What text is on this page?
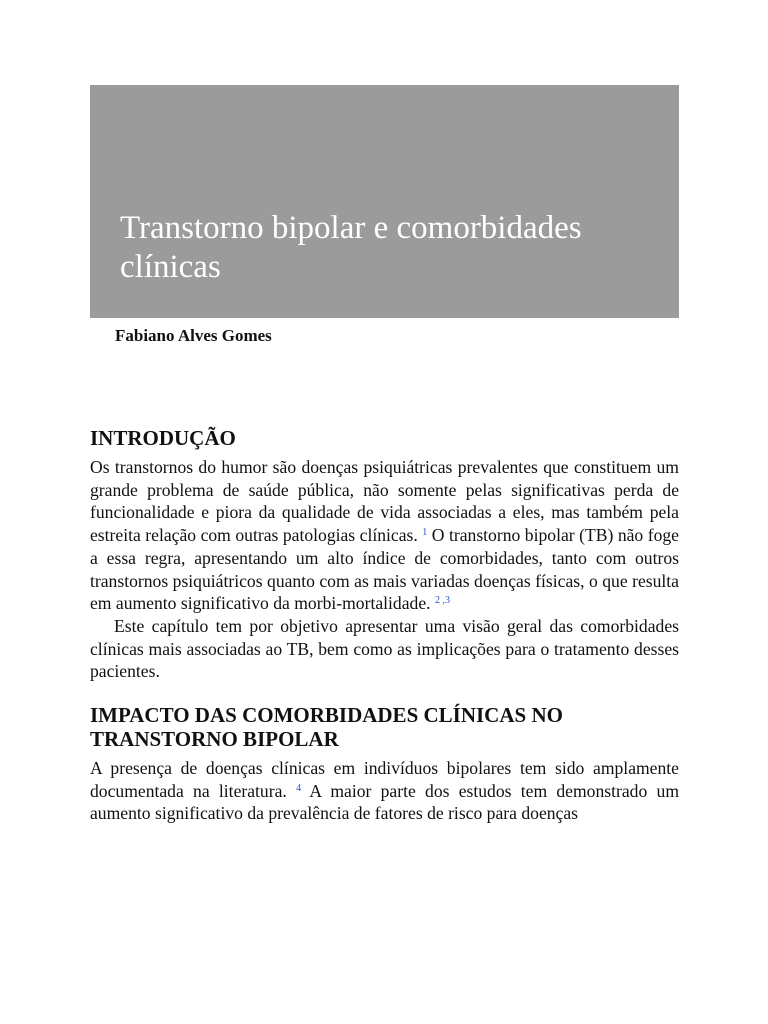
Transtorno bipolar e comorbidades clínicas
Fabiano Alves Gomes
INTRODUÇÃO

Os transtornos do humor são doenças psiquiátricas prevalentes que constituem um grande problema de saúde pública, não somente pelas significativas perda de funcionalidade e piora da qualidade de vida associadas a eles, mas também pela estreita relação com outras patologias clínicas. $^1$ O transtorno bipolar (TB) não foge a essa regra, apresentando um alto índice de comorbidades, tanto com outros transtornos psiquiátricos quanto com as mais variadas doenças físicas, o que resulta em aumento significativo da morbi-mortalidade. $^{2 ,3}$

Este capítulo tem por objetivo apresentar uma visão geral das comorbidades clínicas mais associadas ao TB, bem como as implicações para o tratamento desses pacientes.

IMPACTO DAS COMORBIDADES CLÍNICAS NO TRANSTORNO BIPOLAR

A presença de doenças clínicas em indivíduos bipolares tem sido amplamente documentada na literatura. $^4$ A maior parte dos estudos tem demonstrado um aumento significativo da prevalência de fatores de risco para doenças
